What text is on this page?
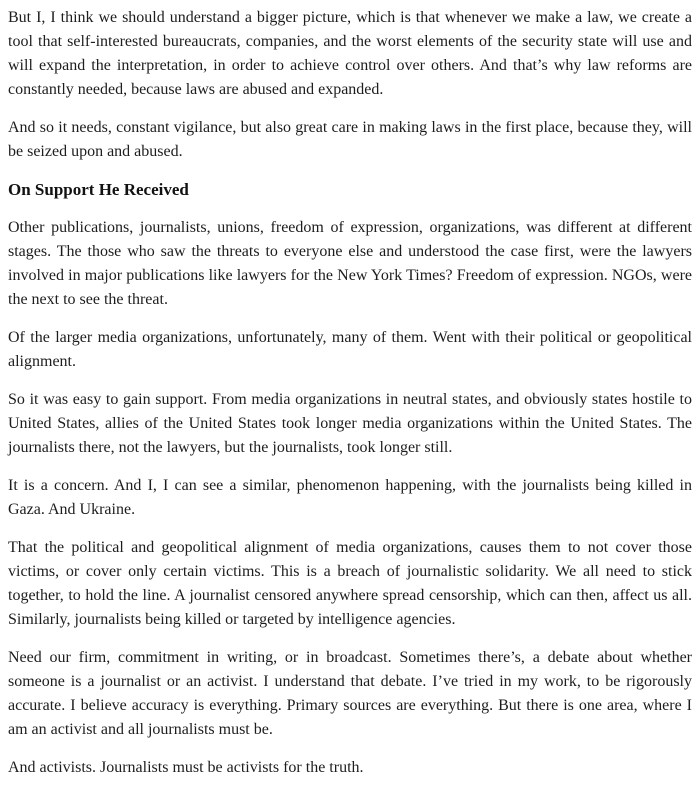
But I, I think we should understand a bigger picture, which is that whenever we make a law, we create a tool that self-interested bureaucrats, companies, and the worst elements of the security state will use and will expand the interpretation, in order to achieve control over others. And that’s why law reforms are constantly needed, because laws are abused and expanded.

And so it needs, constant vigilance, but also great care in making laws in the first place, because they, will be seized upon and abused.

On Support He Received

Other publications, journalists, unions, freedom of expression, organizations, was different at different stages. The those who saw the threats to everyone else and understood the case first, were the lawyers involved in major publications like lawyers for the New York Times? Freedom of expression. NGOs, were the next to see the threat.

Of the larger media organizations, unfortunately, many of them. Went with their political or geopolitical alignment.

So it was easy to gain support. From media organizations in neutral states, and obviously states hostile to United States, allies of the United States took longer media organizations within the United States. The journalists there, not the lawyers, but the journalists, took longer still.

It is a concern. And I, I can see a similar, phenomenon happening, with the journalists being killed in Gaza. And Ukraine.

That the political and geopolitical alignment of media organizations, causes them to not cover those victims, or cover only certain victims. This is a breach of journalistic solidarity. We all need to stick together, to hold the line. A journalist censored anywhere spread censorship, which can then, affect us all. Similarly, journalists being killed or targeted by intelligence agencies.

Need our firm, commitment in writing, or in broadcast. Sometimes there’s, a debate about whether someone is a journalist or an activist. I understand that debate. I’ve tried in my work, to be rigorously accurate. I believe accuracy is everything. Primary sources are everything. But there is one area, where I am an activist and all journalists must be.

And activists. Journalists must be activists for the truth.
